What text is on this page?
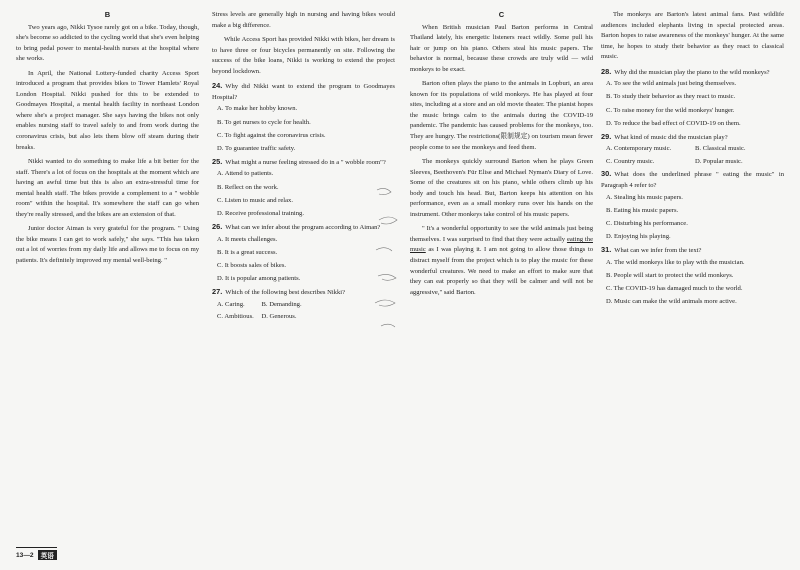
B

Two years ago, Nikki Tysoe rarely got on a bike. Today, though, she's become so addicted to the cycling world that she's even helping to bring pedal power to mental-health nurses at the hospital where she works.

In April, the National Lottery-funded charity Access Sport introduced a program that provides bikes to Tower Hamlets' Royal London Hospital. Nikki pushed for this to be extended to Goodmayes Hospital, a mental health facility in northeast London where she's a project manager. She says having the bikes not only enables nursing staff to travel safely to and from work during the coronavirus crisis, but also lets them blow off steam during their breaks.

Nikki wanted to do something to make life a bit better for the staff. There's a lot of focus on the hospitals at the moment which are having an awful time but this is also an extra-stressful time for mental health staff. The bikes provide a complement to a " wobble room" within the hospital. It's somewhere the staff can go when they're really stressed, and the bikes are an extension of that.

Junior doctor Aiman is very grateful for the program. " Using the bike means I can get to work safely," she says. "This has taken out a lot of worries from my daily life and allows me to focus on my patients. It's definitely improved my mental well-being. "

Stress levels are generally high in nursing and having bikes would make a big difference.

While Access Sport has provided Nikki with bikes, her dream is to have three or four bicycles permanently on site. Following the success of the bike loans, Nikki is working to extend the project beyond lockdown.

24. Why did Nikki want to extend the program to Goodmayes Hospital?
A. To make her hobby known.
B. To get nurses to cycle for health.
C. To fight against the coronavirus crisis.
D. To guarantee traffic safety.
25. What might a nurse feeling stressed do in a " wobble room"?
A. Attend to patients.
B. Reflect on the work.
C. Listen to music and relax.
D. Receive professional training.
26. What can we infer about the program according to Aiman?
A. It meets challenges.
B. It is a great success.
C. It boosts sales of bikes.
D. It is popular among patients.
27. Which of the following best describes Nikki?
A. Caring.	B. Demanding.
C. Ambitious.	D. Generous.
C

When British musician Paul Barton performs in Central Thailand lately, his energetic listeners react wildly. Some pull his hair or jump on his piano. Others steal his music papers. The behavior is normal, because these crowds are truly wild — wild monkeys to be exact.

Barton often plays the piano to the animals in Lopburi, an area known for its populations of wild monkeys. He has played at four sites, including at a store and an old movie theater. The pianist hopes the music brings calm to the animals during the COVID-19 pandemic. The pandemic has caused problems for the monkeys, too. They are hungry. The restrictions(限制规定) on tourism mean fewer people come to see the monkeys and feed them.

The monkeys quickly surround Barton when he plays Green Sleeves, Beethoven's Für Elise and Michael Nyman's Diary of Love. Some of the creatures sit on his piano, while others climb up his body and touch his head. But, Barton keeps his attention on his performance, even as a small monkey runs over his hands on the instrument. Other monkeys take control of his music papers.

" It's a wonderful opportunity to see the wild animals just being themselves. I was surprised to find that they were actually eating the music as I was playing it. I am not going to allow those things to distract myself from the project which is to play the music for these wonderful creatures. We need to make an effort to make sure that they can eat properly so that they will be calmer and will not be aggressive," said Barton.

The monkeys are Barton's latest animal fans. Past wildlife audiences included elephants living in special protected areas. Barton hopes to raise awareness of the monkeys' hunger. At the same time, he hopes to study their behavior as they react to classical music.

28. Why did the musician play the piano to the wild monkeys?
A. To see the wild animals just being themselves.
B. To study their behavior as they react to music.
C. To raise money for the wild monkeys' hunger.
D. To reduce the bad effect of COVID-19 on them.
29. What kind of music did the musician play?
A. Contemporary music.	B. Classical music.
C. Country music.	D. Popular music.
30. What does the underlined phrase " eating the music" in Paragraph 4 refer to?
A. Stealing his music papers.
B. Eating his music papers.
C. Disturbing his performance.
D. Enjoying his playing.
31. What can we infer from the text?
A. The wild monkeys like to play with the musician.
B. People will start to protect the wild monkeys.
C. The COVID-19 has damaged much to the world.
D. Music can make the wild animals more active.
13—2	英语
